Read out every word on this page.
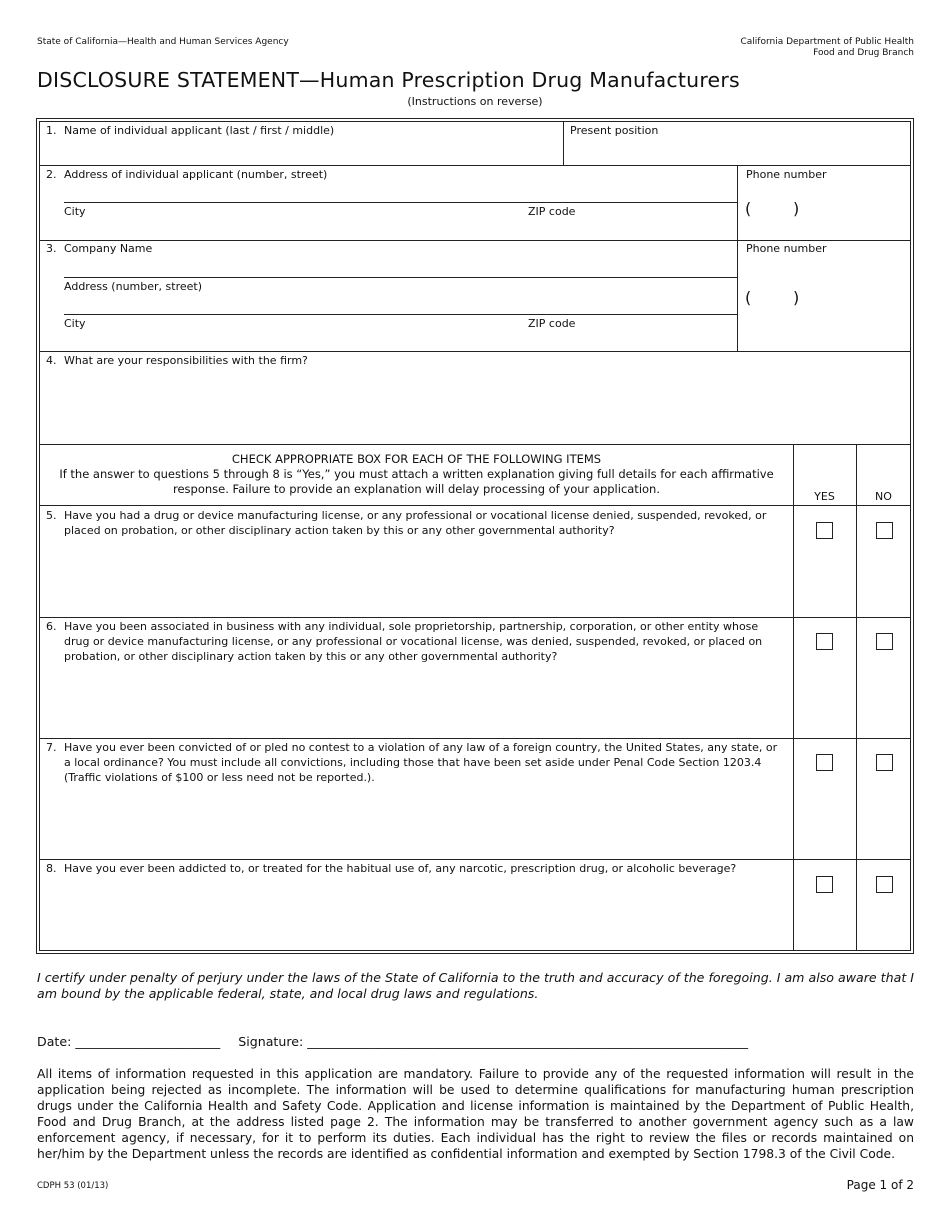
State of California—Health and Human Services Agency	California Department of Public Health
Food and Drug Branch
DISCLOSURE STATEMENT—Human Prescription Drug Manufacturers
(Instructions on reverse)
1. Name of individual applicant (last / first / middle)	Present position
2. Address of individual applicant (number, street)
City	ZIP code
Phone number
(	)
3. Company Name
Address (number, street)
City	ZIP code
Phone number
(	)
4. What are your responsibilities with the firm?
CHECK APPROPRIATE BOX FOR EACH OF THE FOLLOWING ITEMS
If the answer to questions 5 through 8 is “Yes,” you must attach a written explanation giving full details for each affirmative response. Failure to provide an explanation will delay processing of your application.
YES	NO
5. Have you had a drug or device manufacturing license, or any professional or vocational license denied, suspended, revoked, or placed on probation, or other disciplinary action taken by this or any other governmental authority?
6. Have you been associated in business with any individual, sole proprietorship, partnership, corporation, or other entity whose drug or device manufacturing license, or any professional or vocational license, was denied, suspended, revoked, or placed on probation, or other disciplinary action taken by this or any other governmental authority?
7. Have you ever been convicted of or pled no contest to a violation of any law of a foreign country, the United States, any state, or a local ordinance? You must include all convictions, including those that have been set aside under Penal Code Section 1203.4 (Traffic violations of $100 or less need not be reported.).
8. Have you ever been addicted to, or treated for the habitual use of, any narcotic, prescription drug, or alcoholic beverage?
I certify under penalty of perjury under the laws of the State of California to the truth and accuracy of the foregoing. I am also aware that I am bound by the applicable federal, state, and local drug laws and regulations.
Date: _______________________ Signature: ______________________________________________________________________
All items of information requested in this application are mandatory. Failure to provide any of the requested information will result in the application being rejected as incomplete. The information will be used to determine qualifications for manufacturing human prescription drugs under the California Health and Safety Code. Application and license information is maintained by the Department of Public Health, Food and Drug Branch, at the address listed page 2. The information may be transferred to another government agency such as a law enforcement agency, if necessary, for it to perform its duties. Each individual has the right to review the files or records maintained on her/him by the Department unless the records are identified as confidential information and exempted by Section 1798.3 of the Civil Code.
CDPH 53 (01/13)	Page 1 of 2
